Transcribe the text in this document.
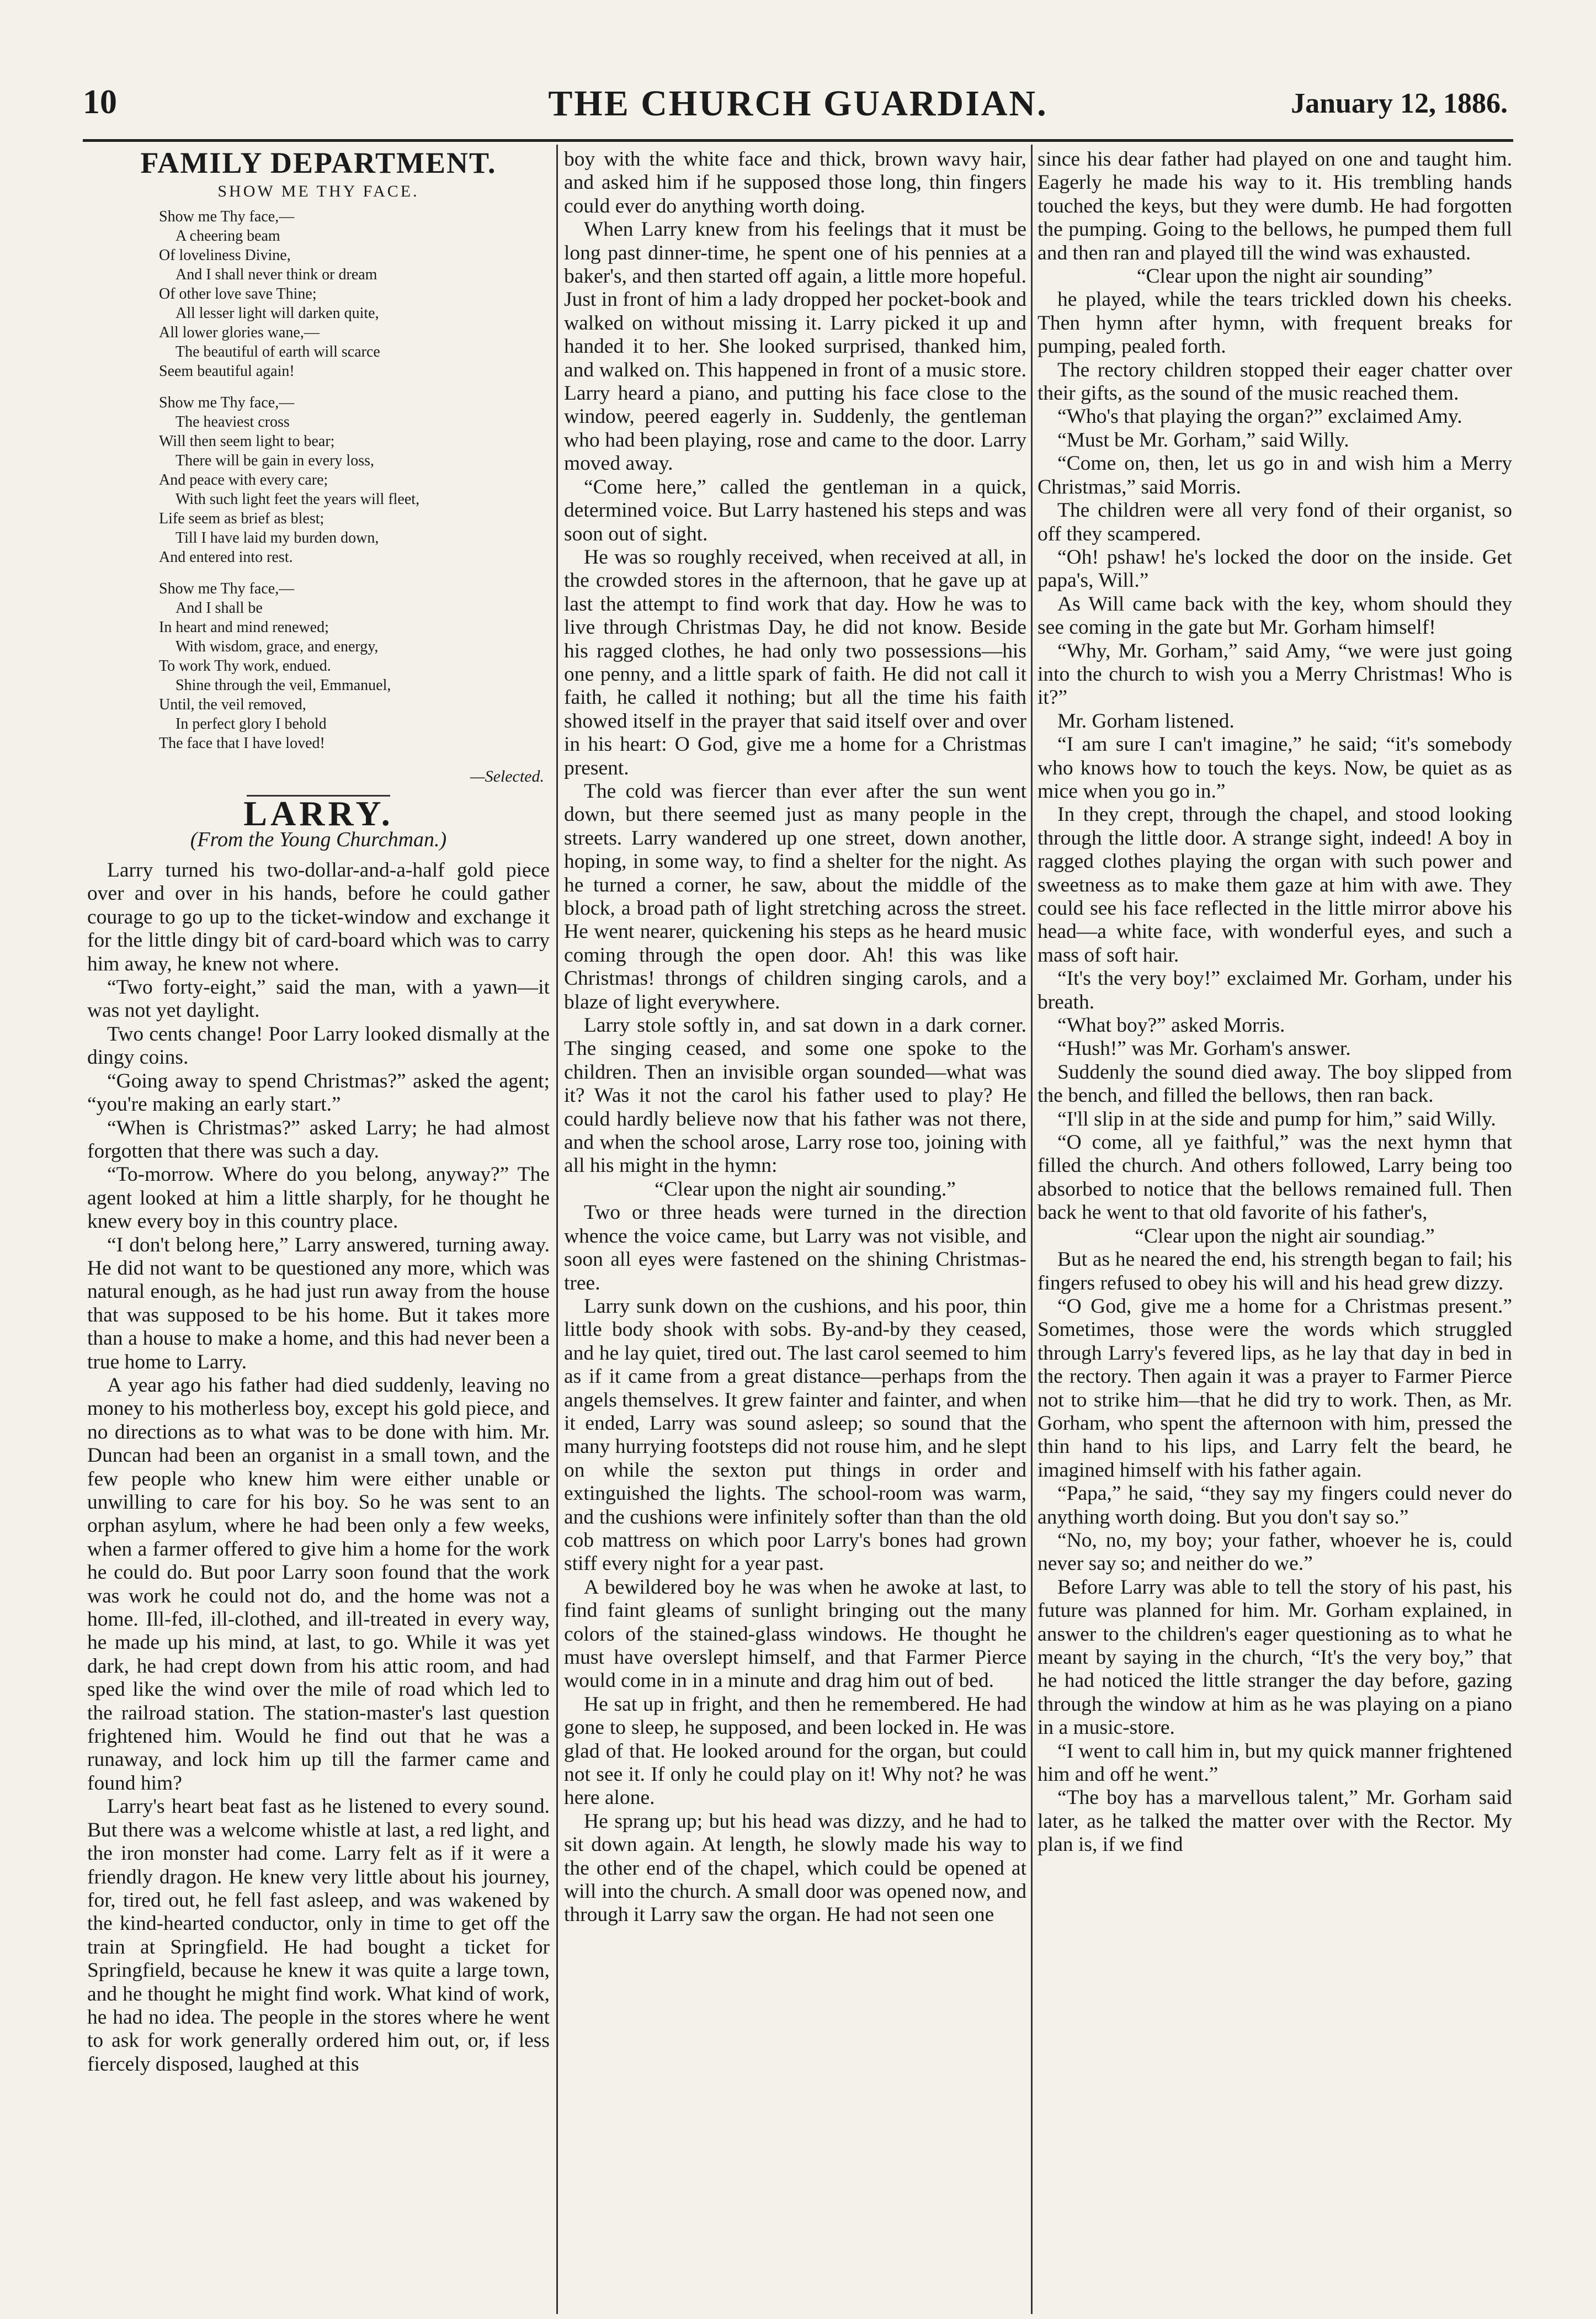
10	THE CHURCH GUARDIAN.	January 12, 1886.
FAMILY DEPARTMENT.
SHOW ME THY FACE.
Show me Thy face,—
A cheering beam
Of loveliness Divine,
And I shall never think or dream
Of other love save Thine;
All lesser light will darken quite,
All lower glories wane,—
The beautiful of earth will scarce
Seem beautiful again!
Show me Thy face,—
The heaviest cross
Will then seem light to bear;
There will be gain in every loss,
And peace with every care;
With such light feet the years will fleet,
Life seem as brief as blest;
Till I have laid my burden down,
And entered into rest.
Show me Thy face,—
And I shall be
In heart and mind renewed;
With wisdom, grace, and energy,
To work Thy work, endued.
Shine through the veil, Emmanuel,
Until, the veil removed,
In perfect glory I behold
The face that I have loved!
—Selected.
LARRY.
(From the Young Churchman.)

Larry turned his two-dollar-and-a-half gold piece over and over in his hands, before he could gather courage to go up to the ticket-window and exchange it for the little dingy bit of card-board which was to carry him away, he knew not where.

“Two forty-eight,” said the man, with a yawn—it was not yet daylight.

Two cents change! Poor Larry looked dismally at the dingy coins.

“Going away to spend Christmas?” asked the agent; “you're making an early start.”

“When is Christmas?” asked Larry; he had almost forgotten that there was such a day.

“To-morrow. Where do you belong, anyway?” The agent looked at him a little sharply, for he thought he knew every boy in this country place.

“I don't belong here,” Larry answered, turning away. He did not want to be questioned any more, which was natural enough, as he had just run away from the house that was supposed to be his home. But it takes more than a house to make a home, and this had never been a true home to Larry.

A year ago his father had died suddenly, leaving no money to his motherless boy, except his gold piece, and no directions as to what was to be done with him. Mr. Duncan had been an organist in a small town, and the few people who knew him were either unable or unwilling to care for his boy. So he was sent to an orphan asylum, where he had been only a few weeks, when a farmer offered to give him a home for the work he could do. But poor Larry soon found that the work was work he could not do, and the home was not a home. Ill-fed, ill-clothed, and ill-treated in every way, he made up his mind, at last, to go. While it was yet dark, he had crept down from his attic room, and had sped like the wind over the mile of road which led to the railroad station. The station-master's last question frightened him. Would he find out that he was a runaway, and lock him up till the farmer came and found him?

Larry's heart beat fast as he listened to every sound. But there was a welcome whistle at last, a red light, and the iron monster had come. Larry felt as if it were a friendly dragon. He knew very little about his journey, for, tired out, he fell fast asleep, and was wakened by the kind-hearted conductor, only in time to get off the train at Springfield. He had bought a ticket for Springfield, because he knew it was quite a large town, and he thought he might find work. What kind of work, he had no idea. The people in the stores where he went to ask for work generally ordered him out, or, if less fiercely disposed, laughed at this

boy with the white face and thick, brown wavy hair, and asked him if he supposed those long, thin fingers could ever do anything worth doing.

When Larry knew from his feelings that it must be long past dinner-time, he spent one of his pennies at a baker's, and then started off again, a little more hopeful. Just in front of him a lady dropped her pocket-book and walked on without missing it. Larry picked it up and handed it to her. She looked surprised, thanked him, and walked on. This happened in front of a music store. Larry heard a piano, and putting his face close to the window, peered eagerly in. Suddenly, the gentleman who had been playing, rose and came to the door. Larry moved away.

“Come here,” called the gentleman in a quick, determined voice. But Larry hastened his steps and was soon out of sight.

He was so roughly received, when received at all, in the crowded stores in the afternoon, that he gave up at last the attempt to find work that day. How he was to live through Christmas Day, he did not know. Beside his ragged clothes, he had only two possessions—his one penny, and a little spark of faith. He did not call it faith, he called it nothing; but all the time his faith showed itself in the prayer that said itself over and over in his heart: O God, give me a home for a Christmas present.

The cold was fiercer than ever after the sun went down, but there seemed just as many people in the streets. Larry wandered up one street, down another, hoping, in some way, to find a shelter for the night. As he turned a corner, he saw, about the middle of the block, a broad path of light stretching across the street. He went nearer, quickening his steps as he heard music coming through the open door. Ah! this was like Christmas! throngs of children singing carols, and a blaze of light everywhere.

Larry stole softly in, and sat down in a dark corner. The singing ceased, and some one spoke to the children. Then an invisible organ sounded—what was it? Was it not the carol his father used to play? He could hardly believe now that his father was not there, and when the school arose, Larry rose too, joining with all his might in the hymn:

“Clear upon the night air sounding.”

Two or three heads were turned in the direction whence the voice came, but Larry was not visible, and soon all eyes were fastened on the shining Christmas-tree.

Larry sunk down on the cushions, and his poor, thin little body shook with sobs. By-and-by they ceased, and he lay quiet, tired out. The last carol seemed to him as if it came from a great distance—perhaps from the angels themselves. It grew fainter and fainter, and when it ended, Larry was sound asleep; so sound that the many hurrying footsteps did not rouse him, and he slept on while the sexton put things in order and extinguished the lights. The school-room was warm, and the cushions were infinitely softer than than the old cob mattress on which poor Larry's bones had grown stiff every night for a year past.

A bewildered boy he was when he awoke at last, to find faint gleams of sunlight bringing out the many colors of the stained-glass windows. He thought he must have overslept himself, and that Farmer Pierce would come in in a minute and drag him out of bed.

He sat up in fright, and then he remembered. He had gone to sleep, he supposed, and been locked in. He was glad of that. He looked around for the organ, but could not see it. If only he could play on it! Why not? he was here alone.

He sprang up; but his head was dizzy, and he had to sit down again. At length, he slowly made his way to the other end of the chapel, which could be opened at will into the church. A small door was opened now, and through it Larry saw the organ. He had not seen one

since his dear father had played on one and taught him. Eagerly he made his way to it. His trembling hands touched the keys, but they were dumb. He had forgotten the pumping. Going to the bellows, he pumped them full and then ran and played till the wind was exhausted.

“Clear upon the night air sounding”

he played, while the tears trickled down his cheeks. Then hymn after hymn, with frequent breaks for pumping, pealed forth.

The rectory children stopped their eager chatter over their gifts, as the sound of the music reached them.

“Who's that playing the organ?” exclaimed Amy.

“Must be Mr. Gorham,” said Willy.

“Come on, then, let us go in and wish him a Merry Christmas,” said Morris.

The children were all very fond of their organist, so off they scampered.

“Oh! pshaw! he's locked the door on the inside. Get papa's, Will.”

As Will came back with the key, whom should they see coming in the gate but Mr. Gorham himself!

“Why, Mr. Gorham,” said Amy, “we were just going into the church to wish you a Merry Christmas! Who is it?”

Mr. Gorham listened.

“I am sure I can't imagine,” he said; “it's somebody who knows how to touch the keys. Now, be quiet as as mice when you go in.”

In they crept, through the chapel, and stood looking through the little door. A strange sight, indeed! A boy in ragged clothes playing the organ with such power and sweetness as to make them gaze at him with awe. They could see his face reflected in the little mirror above his head—a white face, with wonderful eyes, and such a mass of soft hair.

“It's the very boy!” exclaimed Mr. Gorham, under his breath.

“What boy?” asked Morris.

“Hush!” was Mr. Gorham's answer.

Suddenly the sound died away. The boy slipped from the bench, and filled the bellows, then ran back.

“I'll slip in at the side and pump for him,” said Willy.

“O come, all ye faithful,” was the next hymn that filled the church. And others followed, Larry being too absorbed to notice that the bellows remained full. Then back he went to that old favorite of his father's,

“Clear upon the night air soundiag.”

But as he neared the end, his strength began to fail; his fingers refused to obey his will and his head grew dizzy.

“O God, give me a home for a Christmas present.” Sometimes, those were the words which struggled through Larry's fevered lips, as he lay that day in bed in the rectory. Then again it was a prayer to Farmer Pierce not to strike him—that he did try to work. Then, as Mr. Gorham, who spent the afternoon with him, pressed the thin hand to his lips, and Larry felt the beard, he imagined himself with his father again.

“Papa,” he said, “they say my fingers could never do anything worth doing. But you don't say so.”

“No, no, my boy; your father, whoever he is, could never say so; and neither do we.”

Before Larry was able to tell the story of his past, his future was planned for him. Mr. Gorham explained, in answer to the children's eager questioning as to what he meant by saying in the church, “It's the very boy,” that he had noticed the little stranger the day before, gazing through the window at him as he was playing on a piano in a music-store.

“I went to call him in, but my quick manner frightened him and off he went.”

“The boy has a marvellous talent,” Mr. Gorham said later, as he talked the matter over with the Rector. My plan is, if we find
